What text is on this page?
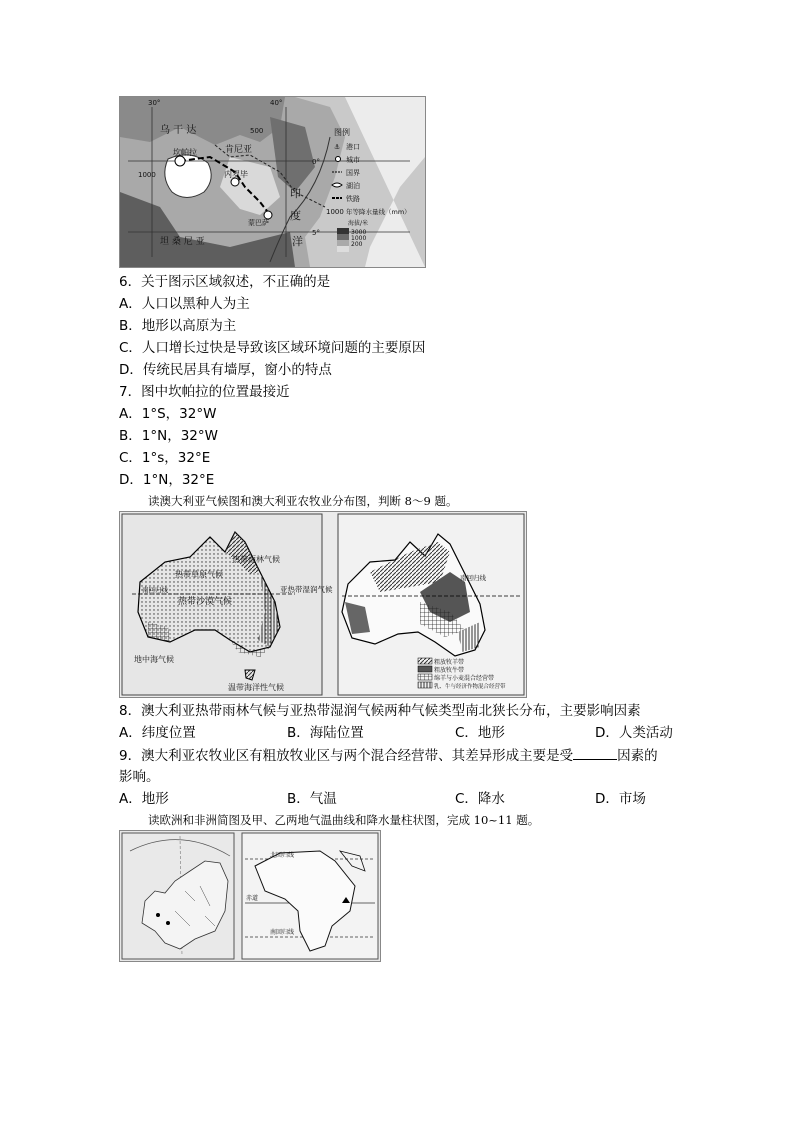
30°	40°
0°
5°
乌 干 达
肯尼亚
坎帕拉
内罗毕
蒙巴萨
坦 桑 尼 亚
印
度
洋
1000
500	图例
⚓ 港口
城市
国界
湖泊
铁路
1000 年等降水量线（mm）
海拔/米
3000
1000
200
6．关于图示区域叙述，不正确的是
A．人口以黑种人为主
B．地形以高原为主
C．人口增长过快是导致该区域环境问题的主要原因
D．传统民居具有墙厚，窗小的特点
7．图中坎帕拉的位置最接近
A．1°S，32°W
B．1°N，32°W
C．1°s，32°E
D．1°N，32°E
读澳大利亚气候图和澳大利亚农牧业分布图，判断 8～9 题。
热带雨林气候
热带草原气候
热带沙漠气候
亚热带湿润气候
地中海气候
温带海洋性气候
南回归线
南回归线
粗放牧羊带
粗放牧牛带
绵羊与小麦混合经营带
乳、牛与经济作物混合经营带
8．澳大利亚热带雨林气候与亚热带湿润气候两种气候类型南北狭长分布，主要影响因素
A．纬度位置	B．海陆位置	C．地形	D．人类活动
9．澳大利亚农牧业区有粗放牧业区与两个混合经营带、其差异形成主要是受	因素的
影响。
A．地形	B．气温	C．降水	D．市场
读欧洲和非洲简图及甲、乙两地气温曲线和降水量柱状图，完成 10~11 题。
北回归线
赤道
南回归线
